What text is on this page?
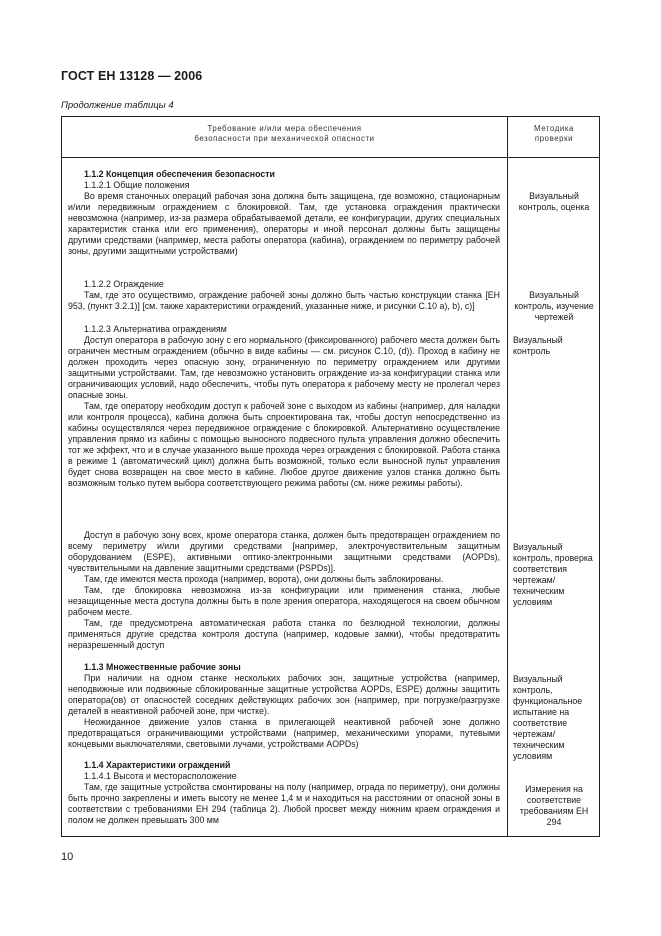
ГОСТ ЕН 13128 — 2006
Продолжение таблицы 4
Требование и/или мера обеспечения
безопасности при механической опасности
Методика
проверки

1.1.2 Концепция обеспечения безопасности

1.1.2.1 Общие положения

Во время станочных операций рабочая зона должна быть защищена, где возможно, стационарным и/или передвижным ограждением с блокировкой. Там, где установка ограждения практически невозможна (например, из-за размера обрабатываемой детали, ее конфигурации, других специальных характеристик станка или его применения), операторы и иной персонал должны быть защищены другими средствами (например, места работы оператора (кабина), ограждением по периметру рабочей зоны, другими защитными устройствами)

1.1.2.2 Ограждение

Там, где это осуществимо, ограждение рабочей зоны должно быть частью конструкции станка [ЕН 953, (пункт 3.2.1)] [см. также характеристики ограждений, указанные ниже, и рисунки С.10 а), b), c)]

1.1.2.3 Альтернатива ограждениям

Доступ оператора в рабочую зону с его нормального (фиксированного) рабочего места должен быть ограничен местным ограждением (обычно в виде кабины — см. рисунок С.10, (d)). Проход в кабину не должен проходить через опасную зону, ограниченную по периметру ограждением или другими защитными устройствами. Там, где невозможно установить ограждение из-за конфигурации станка или ограничивающих условий, надо обеспечить, чтобы путь оператора к рабочему месту не пролегал через опасные зоны.

Там, где оператору необходим доступ к рабочей зоне с выходом из кабины (например, для наладки или контроля процесса), кабина должна быть спроектирована так, чтобы доступ непосредственно из кабины осуществлялся через передвижное ограждение с блокировкой. Альтернативно осуществление управления прямо из кабины с помощью выносного подвесного пульта управления должно обеспечить тот же эффект, что и в случае указанного выше прохода через ограждения с блокировкой. Работа станка в режиме 1 (автоматический цикл) должна быть возможной, только если выносной пульт управления будет снова возвращен на свое место в кабине. Любое другое движение узлов станка должно быть возможным только путем выбора соответствующего режима работы (см. ниже режимы работы).

Доступ в рабочую зону всех, кроме оператора станка, должен быть предотвращен ограждением по всему периметру и/или другими средствами [например, электрочувствительным защитным оборудованием (ESPE), активными оптико-электронными защитными средствами (AOPDs), чувствительными на давление защитными средствами (PSPDs)].

Там, где имеются места прохода (например, ворота), они должны быть заблокированы.

Там, где блокировка невозможна из-за конфигурации или применения станка, любые незащищенные места доступа должны быть в поле зрения оператора, находящегося на своем обычном рабочем месте.

Там, где предусмотрена автоматическая работа станка по безлюдной технологии, должны применяться другие средства контроля доступа (например, кодовые замки), чтобы предотвратить неразрешенный доступ

1.1.3 Множественные рабочие зоны

При наличии на одном станке нескольких рабочих зон, защитные устройства (например, неподвижные или подвижные сблокированные защитные устройства AOPDs, ESPE) должны защитить оператора(ов) от опасностей соседних действующих рабочих зон (например, при погрузке/разгрузке деталей в неактивной рабочей зоне, при чистке).

Неожиданное движение узлов станка в прилегающей неактивной рабочей зоне должно предотвращаться ограничивающими устройствами (например, механическими упорами, путевыми концевыми выключателями, световыми лучами, устройствами AOPDs)

1.1.4 Характеристики ограждений

1.1.4.1 Высота и месторасположение

Там, где защитные устройства смонтированы на полу (например, ограда по периметру), они должны быть прочно закреплены и иметь высоту не менее 1,4 м и находиться на расстоянии от опасной зоны в соответствии с требованиями ЕН 294 (таблица 2). Любой просвет между нижним краем ограждения и полом не должен превышать 300 мм

Визуальный контроль, оценка

Визуальный контроль, изучение чертежей

Визуальный контроль

Визуальный контроль, проверка соответствия чертежам/ техническим условиям

Визуальный контроль, функциональное испытание на соответствие чертежам/ техническим условиям

Измерения на соответствие требованиям ЕН 294

10
